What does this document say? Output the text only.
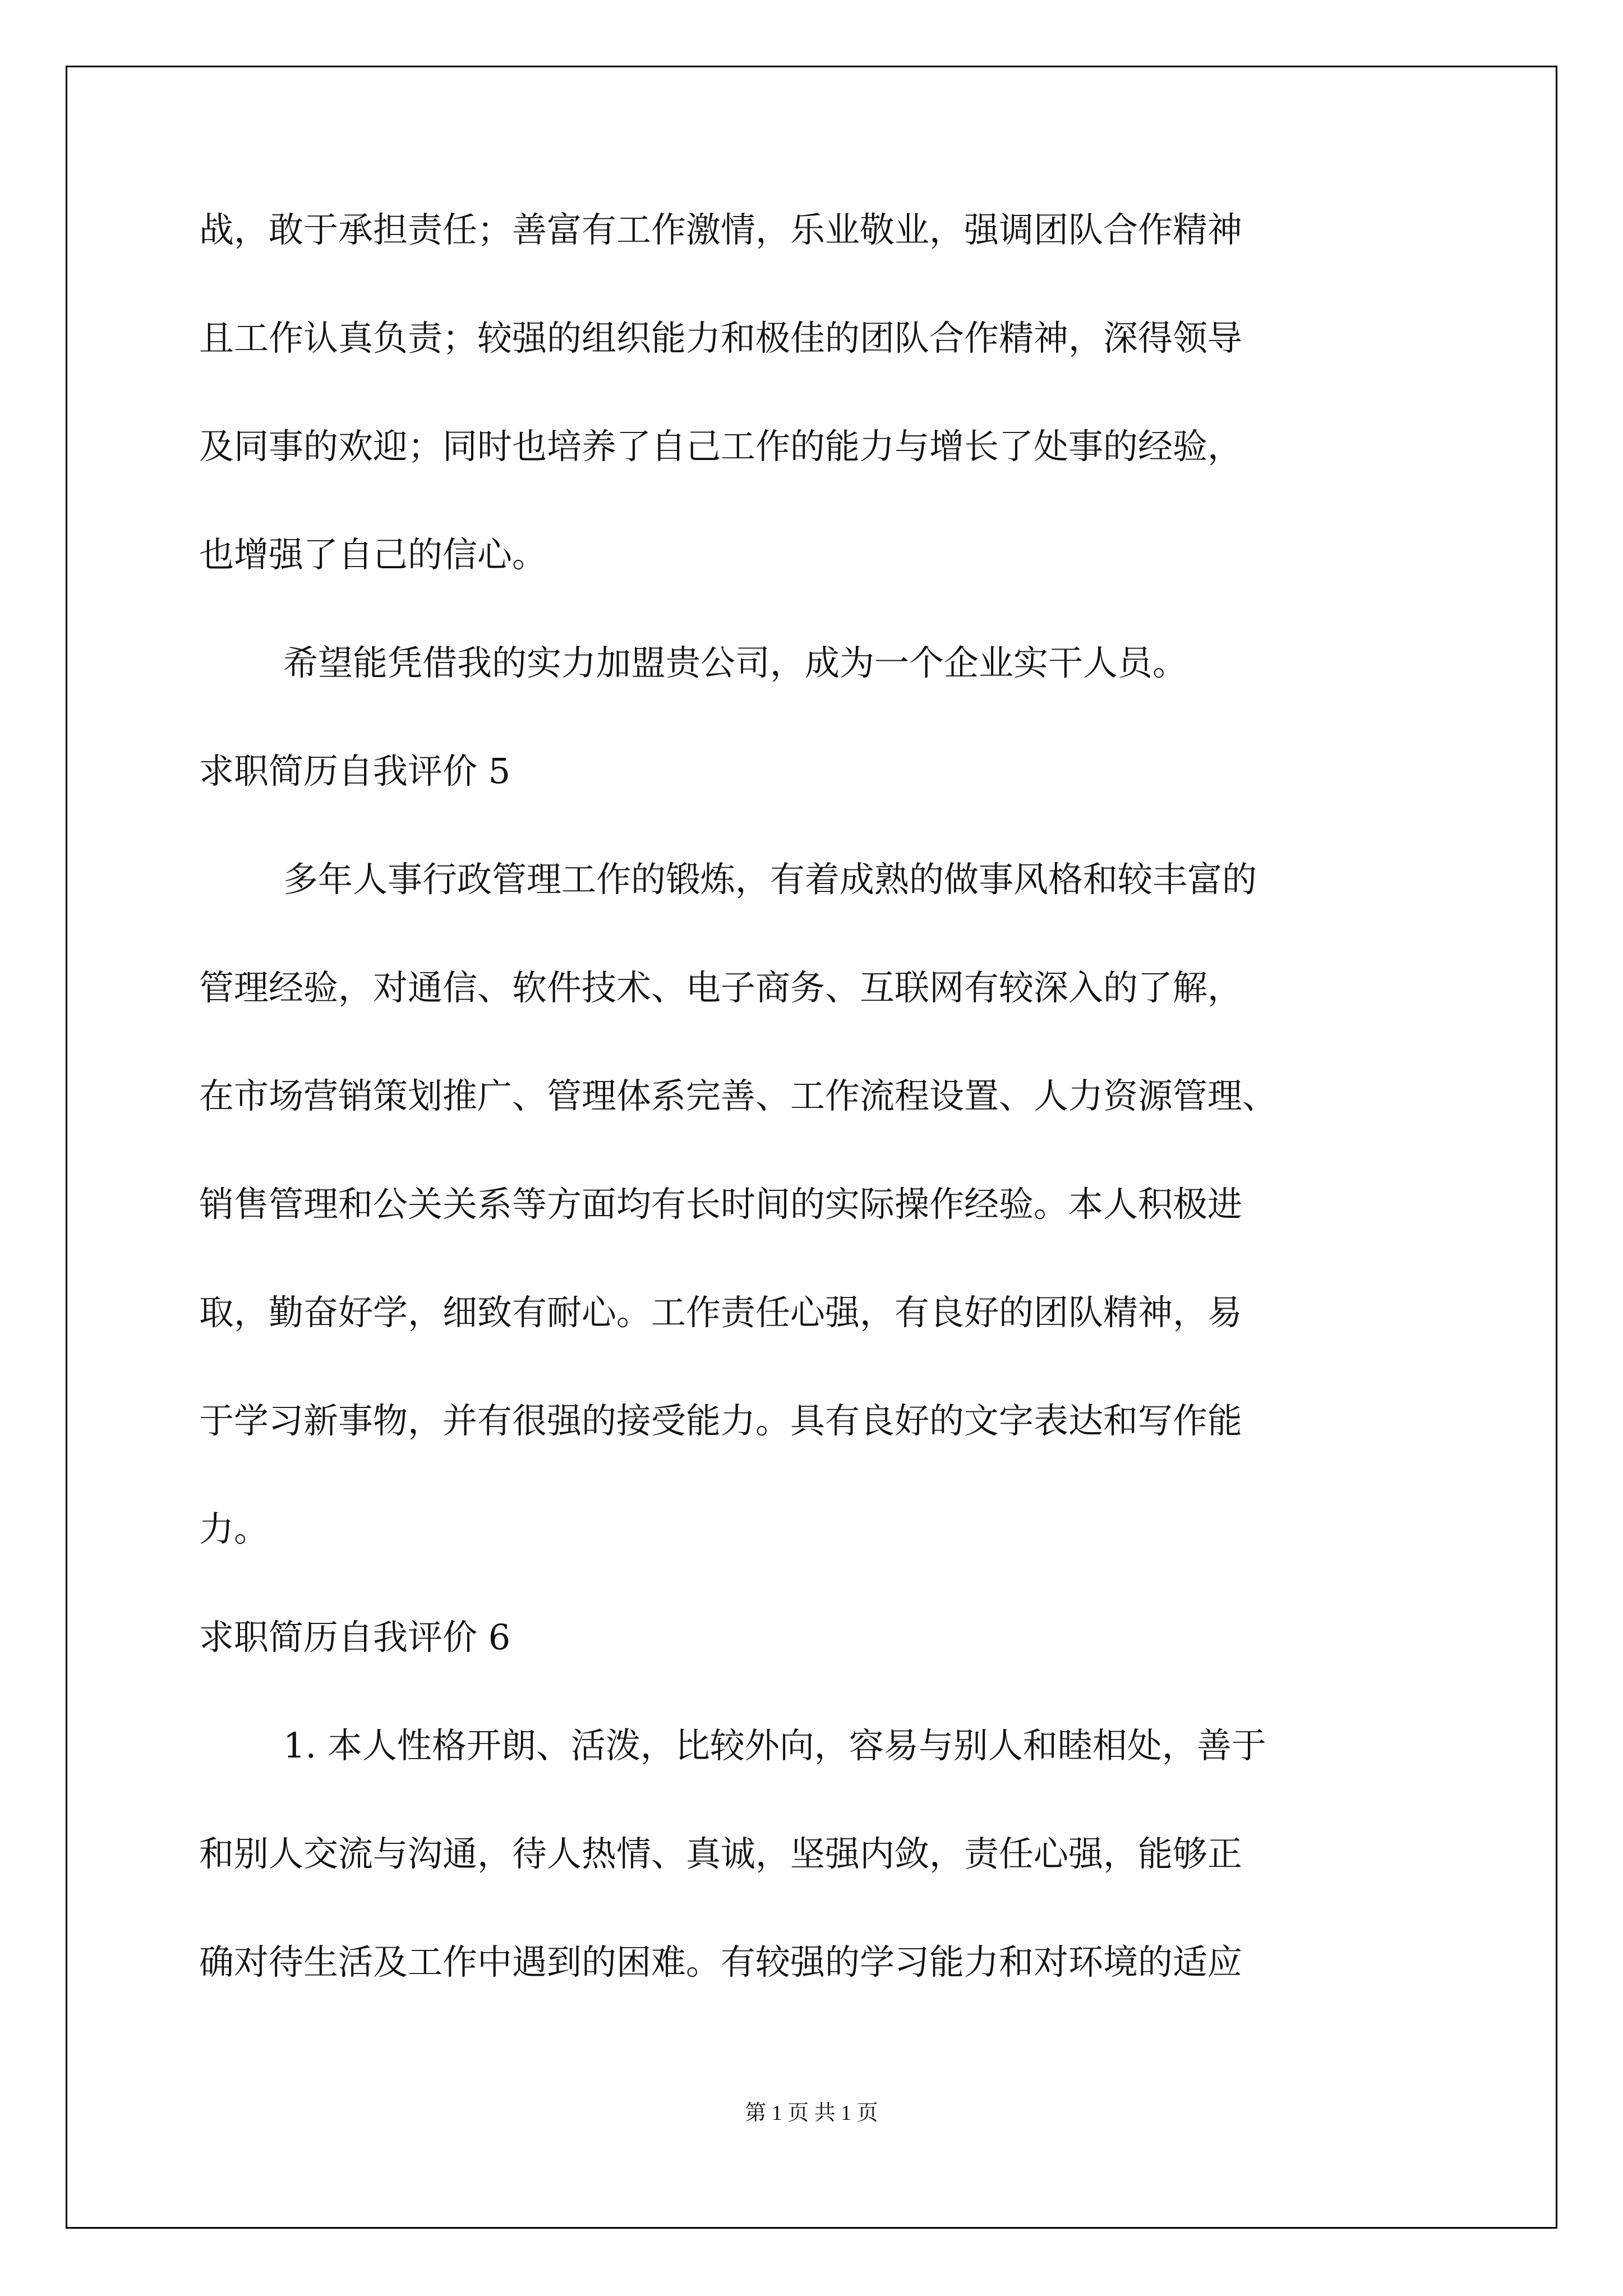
战，敢于承担责任；善富有工作激情，乐业敬业，强调团队合作精神
且工作认真负责；较强的组织能力和极佳的团队合作精神，深得领导
及同事的欢迎；同时也培养了自己工作的能力与增长了处事的经验，
也增强了自己的信心。
希望能凭借我的实力加盟贵公司，成为一个企业实干人员。
求职简历自我评价 5
多年人事行政管理工作的锻炼，有着成熟的做事风格和较丰富的
管理经验，对通信、软件技术、电子商务、互联网有较深入的了解，
在市场营销策划推广、管理体系完善、工作流程设置、人力资源管理、
销售管理和公关关系等方面均有长时间的实际操作经验。本人积极进
取，勤奋好学，细致有耐心。工作责任心强，有良好的团队精神，易
于学习新事物，并有很强的接受能力。具有良好的文字表达和写作能
力。
求职简历自我评价 6
1. 本人性格开朗、活泼，比较外向，容易与别人和睦相处，善于
和别人交流与沟通，待人热情、真诚，坚强内敛，责任心强，能够正
确对待生活及工作中遇到的困难。有较强的学习能力和对环境的适应
第 1 页 共 1 页
